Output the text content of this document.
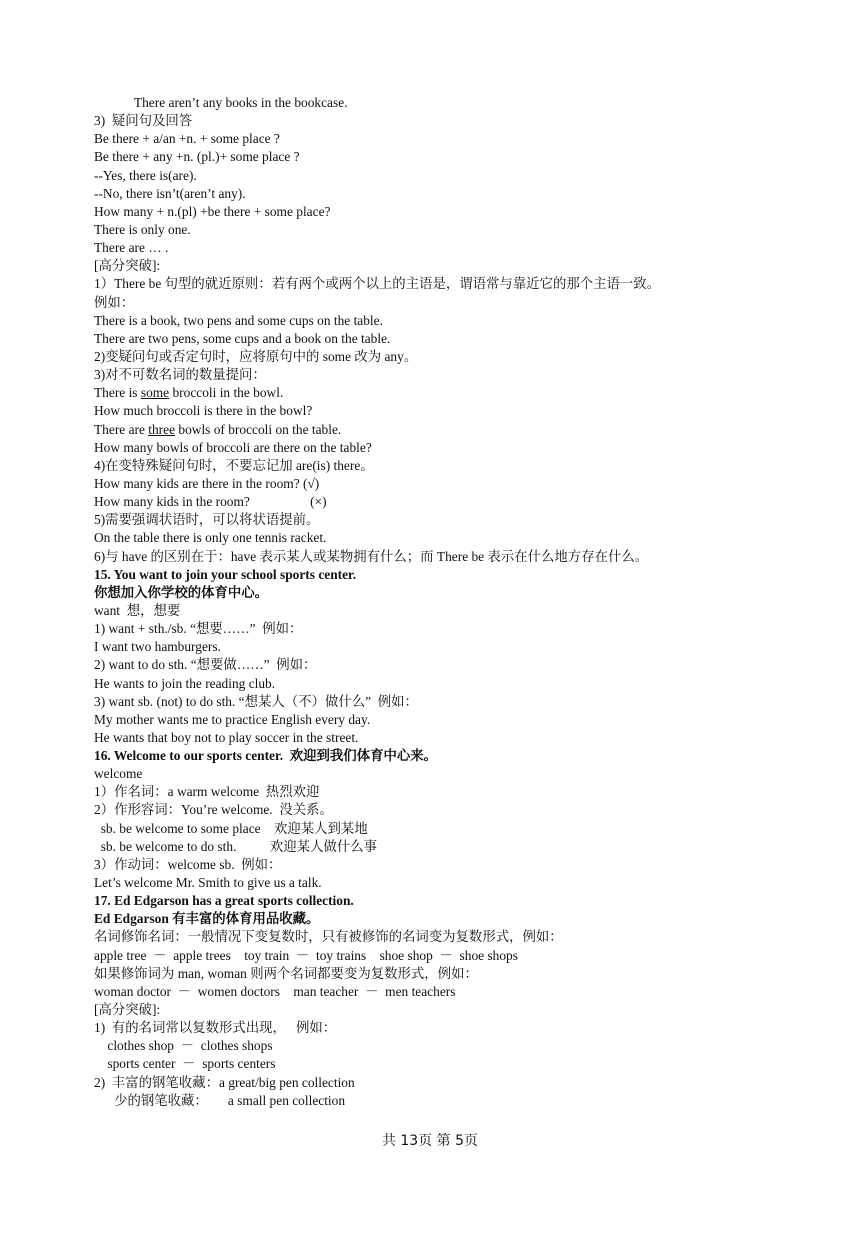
There aren’t any books in the bookcase.
3)  疑问句及回答
Be there + a/an +n. + some place ?
Be there + any +n. (pl.)+ some place ?
--Yes, there is(are).
--No, there isn’t(aren’t any).
How many + n.(pl) +be there + some place?
There is only one.
There are … .
[高分突破]:
1）There be 句型的就近原则：若有两个或两个以上的主语是，谓语常与靠近它的那个主语一致。
例如：
There is a book, two pens and some cups on the table.
There are two pens, some cups and a book on the table.
2)变疑问句或否定句时，应将原句中的 some 改为 any。
3)对不可数名词的数量提问：
There is some broccoli in the bowl.
How much broccoli is there in the bowl?
There are three bowls of broccoli on the table.
How many bowls of broccoli are there on the table?
4)在变特殊疑问句时，不要忘记加 are(is) there。
How many kids are there in the room? (√)
How many kids in the room?                  (×)
5)需要强调状语时，可以将状语提前。
On the table there is only one tennis racket.
6)与 have 的区别在于：have 表示某人或某物拥有什么；而 There be 表示在什么地方存在什么。
15. You want to join your school sports center.
你想加入你学校的体育中心。
want  想，想要
1) want + sth./sb. “想要……”  例如：
I want two hamburgers.
2) want to do sth. “想要做……”  例如：
He wants to join the reading club.
3) want sb. (not) to do sth. “想某人（不）做什么”  例如：
My mother wants me to practice English every day.
He wants that boy not to play soccer in the street.
16. Welcome to our sports center.  欢迎到我们体育中心来。
welcome
1）作名词：a warm welcome  热烈欢迎
2）作形容词：You’re welcome.  没关系。
sb. be welcome to some place    欢迎某人到某地
sb. be welcome to do sth.          欢迎某人做什么事
3）作动词：welcome sb.  例如：
Let’s welcome Mr. Smith to give us a talk.
17. Ed Edgarson has a great sports collection.
Ed Edgarson 有丰富的体育用品收藏。
名词修饰名词：一般情况下变复数时，只有被修饰的名词变为复数形式，例如：
apple tree  －  apple trees    toy train  －  toy trains    shoe shop  －  shoe shops
如果修饰词为 man, woman 则两个名词都要变为复数形式，例如：
woman doctor  －  women doctors    man teacher  －  men teachers
[高分突破]:
1)  有的名词常以复数形式出现，   例如：
clothes shop  －  clothes shops
sports center  －  sports centers
2)  丰富的钢笔收藏：a great/big pen collection
少的钢笔收藏：      a small pen collection
共 13页 第 5页
